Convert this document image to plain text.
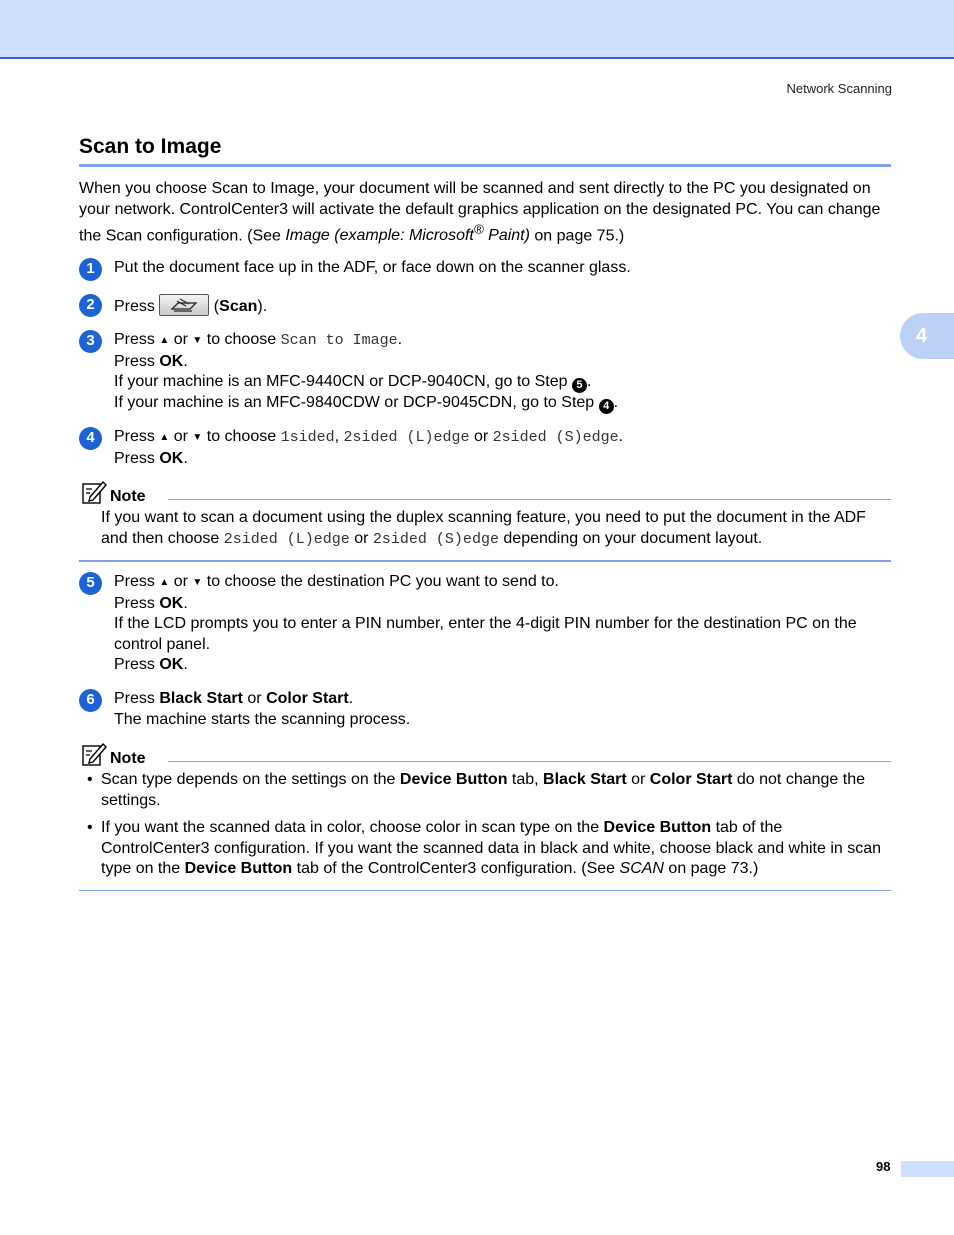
Network Scanning
4
Scan to Image
When you choose Scan to Image, your document will be scanned and sent directly to the PC you designated on your network. ControlCenter3 will activate the default graphics application on the designated PC. You can change the Scan configuration. (See Image (example: Microsoft® Paint) on page 75.)
1	Put the document face up in the ADF, or face down on the scanner glass.
2	Press	(Scan).
3	Press ▲ or ▼ to choose Scan to Image.
Press OK.
If your machine is an MFC-9440CN or DCP-9040CN, go to Step 5 .
If your machine is an MFC-9840CDW or DCP-9045CDN, go to Step 4 .
4	Press ▲ or ▼ to choose 1sided, 2sided (L)edge or 2sided (S)edge.
Press OK.
Note
If you want to scan a document using the duplex scanning feature, you need to put the document in the ADF and then choose 2sided (L)edge or 2sided (S)edge depending on your document layout.
5	Press ▲ or ▼ to choose the destination PC you want to send to.
Press OK.
If the LCD prompts you to enter a PIN number, enter the 4-digit PIN number for the destination PC on the control panel.
Press OK.
6	Press Black Start or Color Start.
The machine starts the scanning process.
Note
• Scan type depends on the settings on the Device Button tab, Black Start or Color Start do not change the settings.
• If you want the scanned data in color, choose color in scan type on the Device Button tab of the ControlCenter3 configuration. If you want the scanned data in black and white, choose black and white in scan type on the Device Button tab of the ControlCenter3 configuration. (See SCAN on page 73.)
98
